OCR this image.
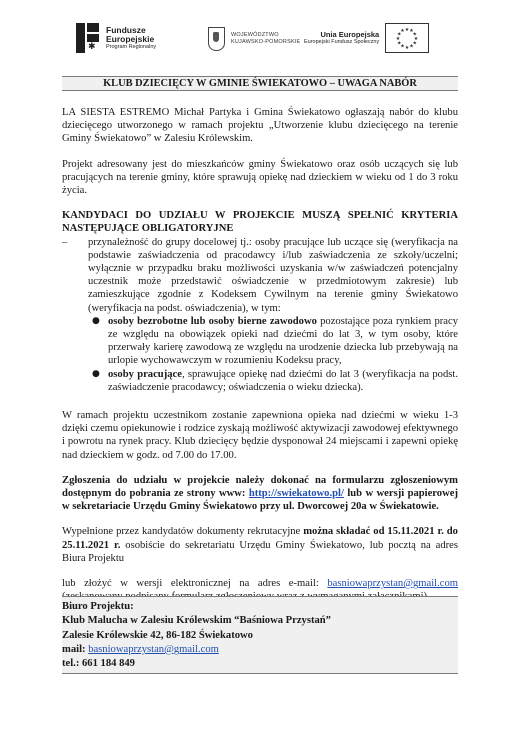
✱
Fundusze
Europejskie
Program Regionalny
WOJEWÓDZTWO
KUJAWSKO-POMORSKIE
Unia Europejska
Europejski Fundusz Społeczny
★ ★
★
★
★
★
★
★
★
★
★
★
KLUB DZIECIĘCY W GMINIE ŚWIEKATOWO – UWAGA NABÓR

LA SIESTA ESTREMO Michał Partyka i Gmina Świekatowo ogłaszają nabór do klubu dziecięcego utworzonego w ramach projektu „Utworzenie klubu dziecięcego na terenie Gminy Świekatowo” w Zalesiu Królewskim.

Projekt adresowany jest do mieszkańców gminy Świekatowo oraz osób uczących się lub pracujących na terenie gminy, które sprawują opiekę nad dzieckiem w wieku od 1 do 3 roku życia.

KANDYDACI DO UDZIAŁU W PROJEKCIE MUSZĄ SPEŁNIĆ KRYTERIA NASTĘPUJĄCE OBLIGATORYJNE

– przynależność do grupy docelowej tj.: osoby pracujące lub uczące się (weryfikacja na podstawie zaświadczenia od pracodawcy i/lub zaświadczenia ze szkoły/uczelni; wyłącznie w przypadku braku możliwości uzyskania w/w zaświadczeń potencjalny uczestnik może przedstawić oświadczenie w przedmiotowym zakresie) lub zamieszkujące zgodnie z Kodeksem Cywilnym na terenie gminy Świekatowo (weryfikacja na podst. oświadczenia), w tym:
● osoby bezrobotne lub osoby bierne zawodowo pozostające poza rynkiem pracy ze względu na obowiązek opieki nad dziećmi do lat 3, w tym osoby, które przerwały karierę zawodową ze względu na urodzenie dziecka lub przebywają na urlopie wychowawczym w rozumieniu Kodeksu pracy,
● osoby pracujące, sprawujące opiekę nad dziećmi do lat 3 (weryfikacja na podst. zaświadczenie pracodawcy; oświadczenia o wieku dziecka).

W ramach projektu uczestnikom zostanie zapewniona opieka nad dziećmi w wieku 1-3 dzięki czemu opiekunowie i rodzice zyskają możliwość aktywizacji zawodowej efektywnego i powrotu na rynek pracy. Klub dziecięcy będzie dysponował 24 miejscami i zapewni opiekę nad dzieckiem w godz. od 7.00 do 17.00.

Zgłoszenia do udziału w projekcie należy dokonać na formularzu zgłoszeniowym dostępnym do pobrania ze strony www: http://swiekatowo.pl/ lub w wersji papierowej w sekretariacie Urzędu Gminy Świekatowo przy ul. Dworcowej 20a w Świekatowie.

Wypełnione przez kandydatów dokumenty rekrutacyjne można składać od 15.11.2021 r. do 25.11.2021 r. osobiście do sekretariatu Urzędu Gminy Świekatowo, lub pocztą na adres Biura Projektu

lub złożyć w wersji elektronicznej na adres e-mail: basniowaprzystan@gmail.com

Biuro Projektu:
Klub Malucha w Zalesiu Królewskim “Baśniowa Przystań”
Zalesie Królewskie 42, 86-182 Świekatowo
mail: basniowaprzystan@gmail.com
tel.: 661 184 849
